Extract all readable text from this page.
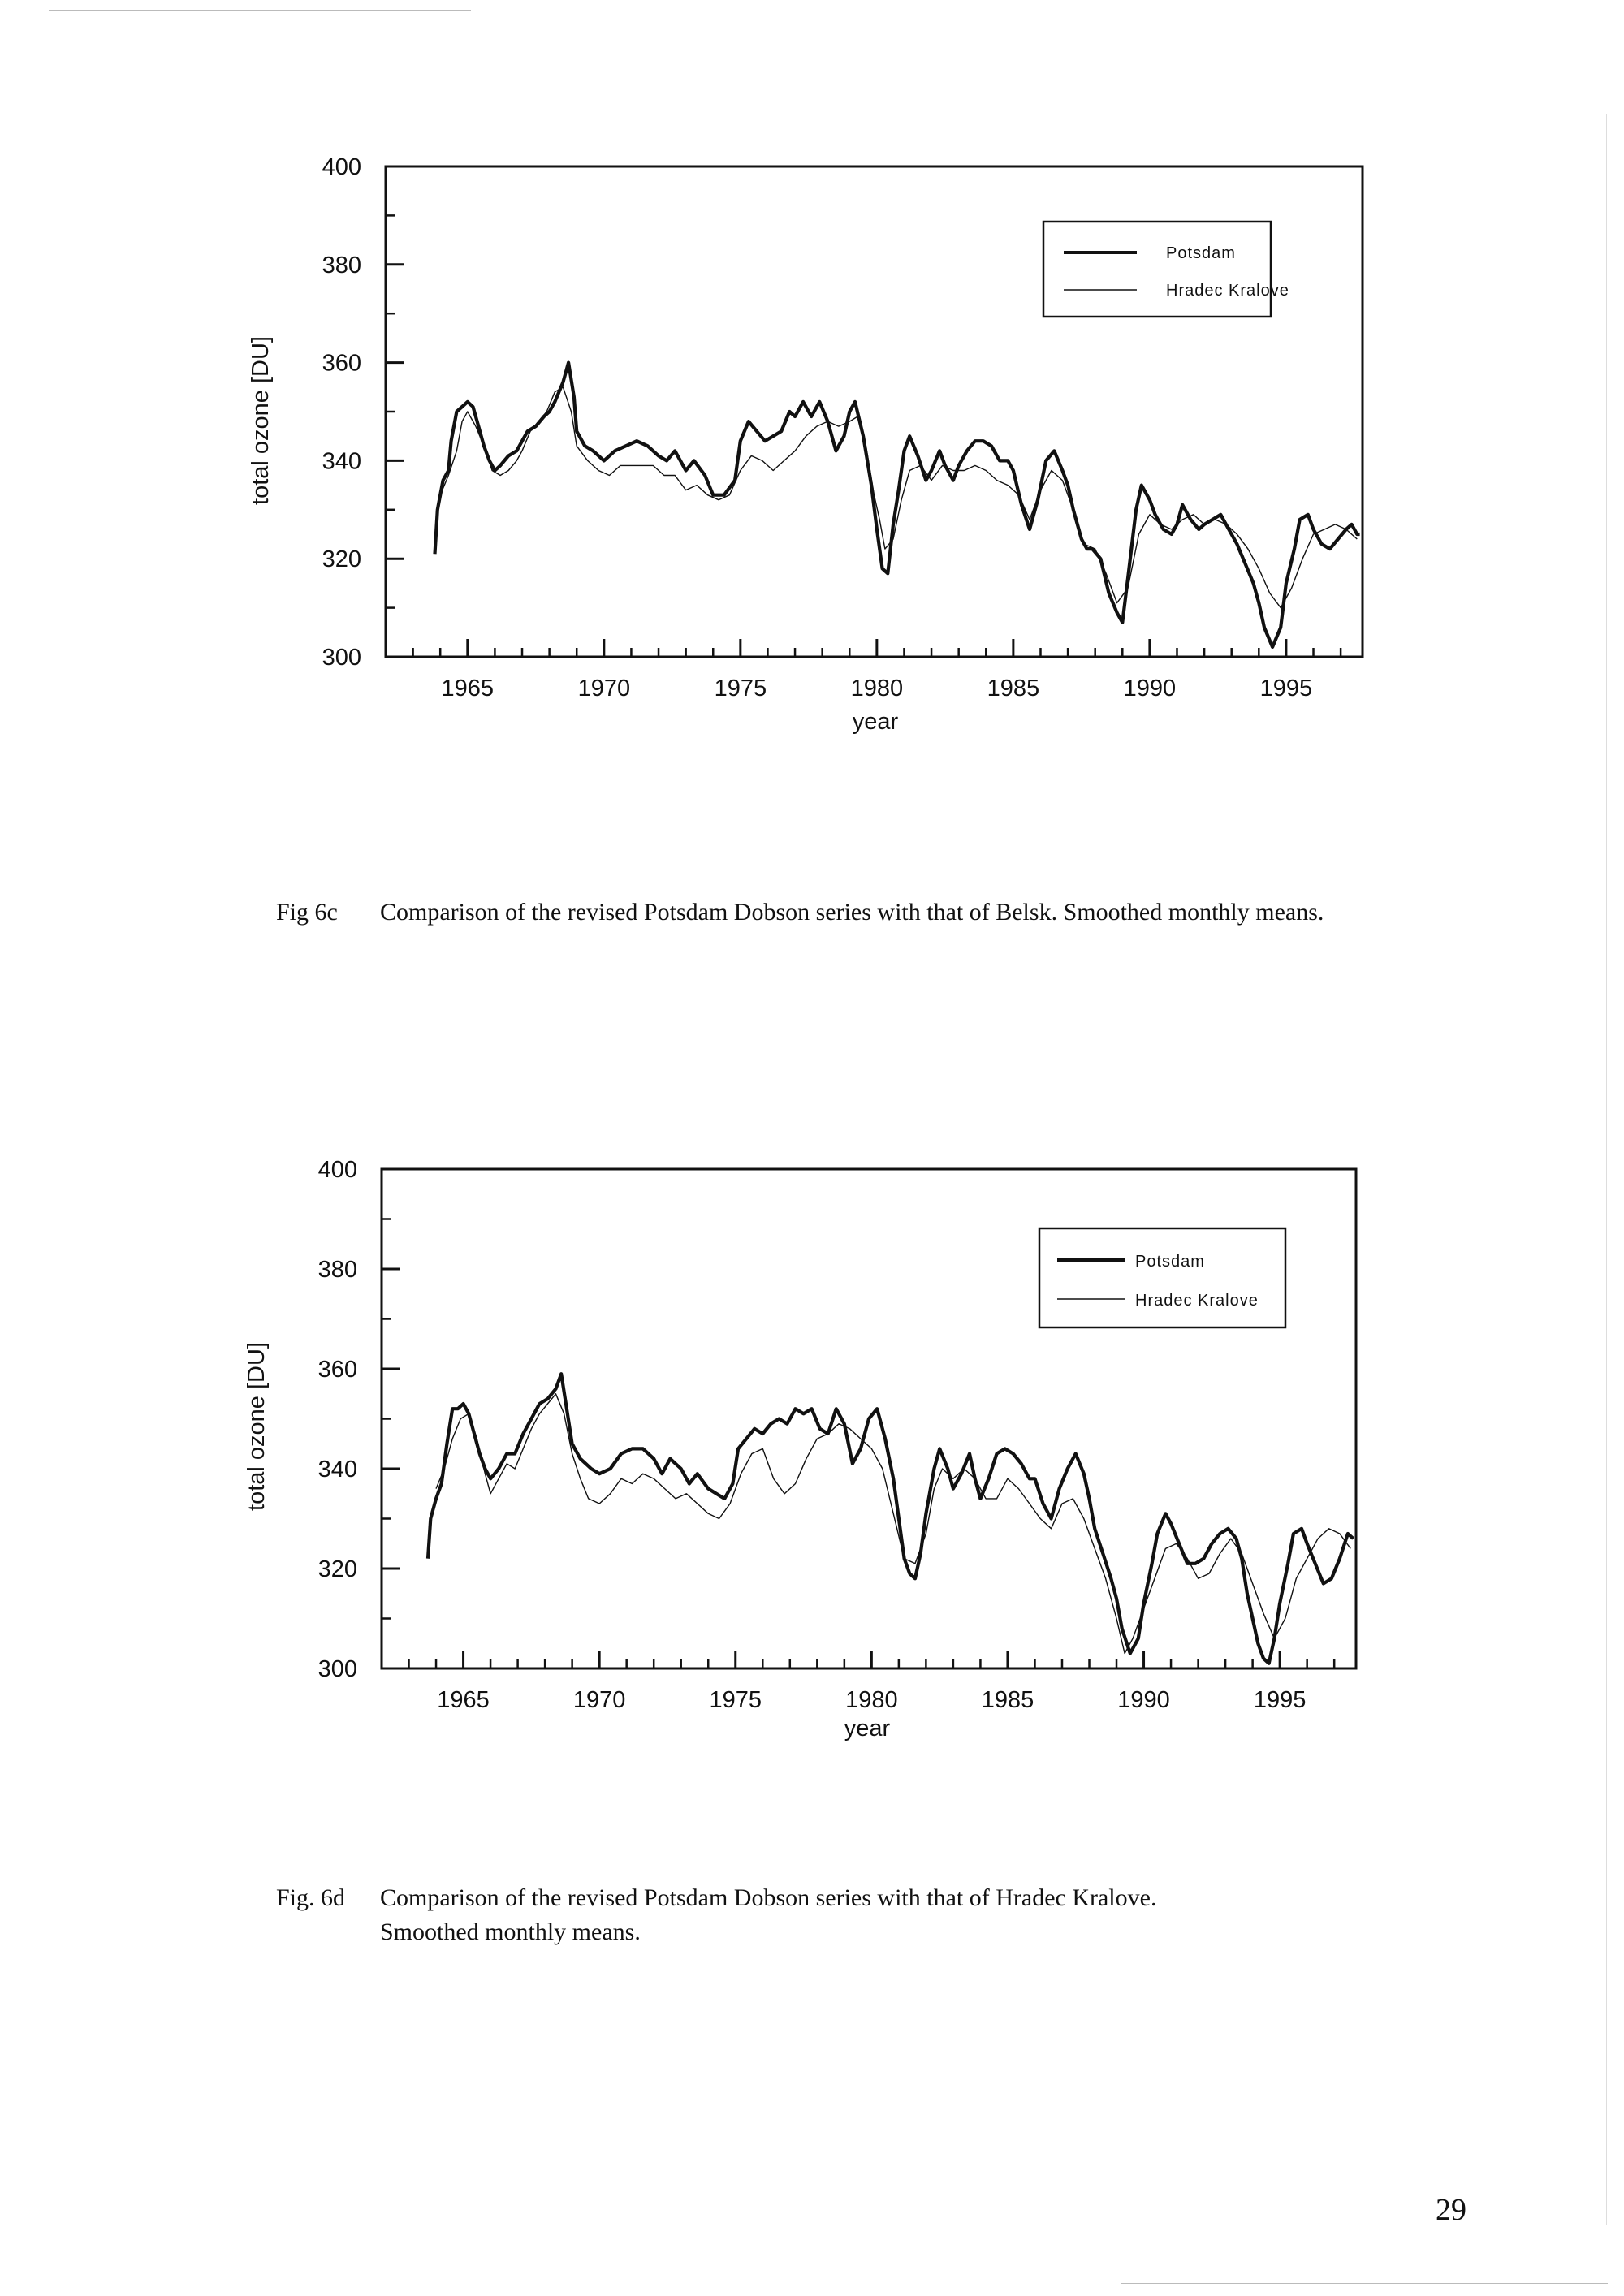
300
320
340
360
380
400
1965	1970	1975	1980	1985	1990	1995
total ozone [DU]
year
Potsdam
Hradec Kralove
300
320
340
360
380
400
1965	1970	1975	1980	1985	1990	1995
total ozone [DU]
year
Potsdam
Hradec Kralove
Fig 6c Comparison of the revised Potsdam Dobson series with that of Belsk. Smoothed monthly means.
Fig. 6d Comparison of the revised Potsdam Dobson series with that of Hradec Kralove.
Smoothed monthly means.
29
